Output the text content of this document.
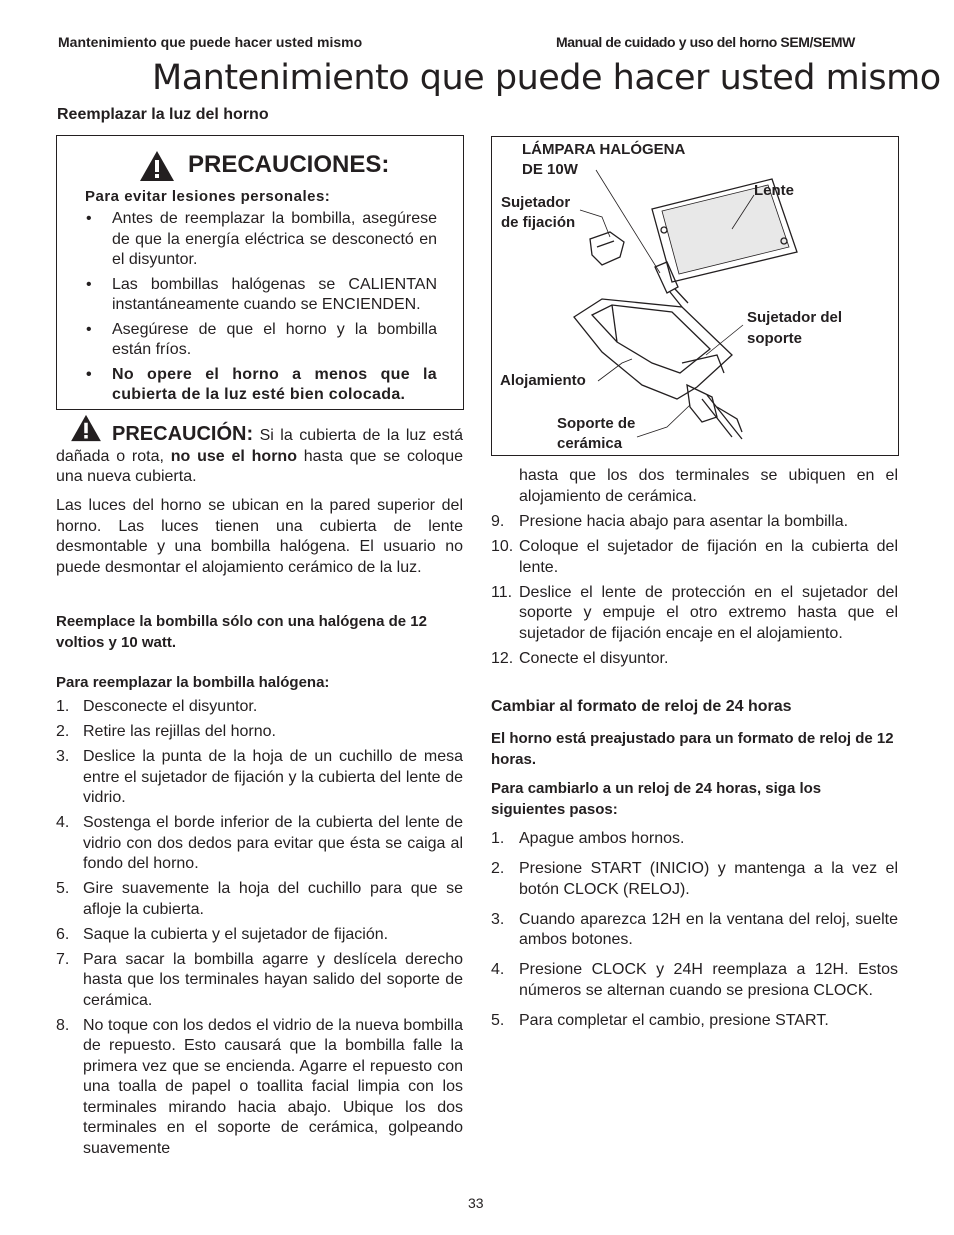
Mantenimiento que puede hacer usted mismo	Manual de cuidado y uso del horno SEM/SEMW
Mantenimiento que puede hacer usted mismo
Reemplazar la luz del horno
PRECAUCIONES:
Para evitar lesiones personales:
• Antes de reemplazar la bombilla, asegúrese de que la energía eléctrica se desconectó en el disyuntor.
• Las bombillas halógenas se CALIENTAN instantáneamente cuando se ENCIENDEN.
• Asegúrese de que el horno y la bombilla están fríos.
• No opere el horno a menos que la cubierta de la luz esté bien colocada.
PRECAUCIÓN: Si la cubierta de la luz está dañada o rota, no use el horno hasta que se coloque una nueva cubierta.
Las luces del horno se ubican en la pared superior del horno. Las luces tienen una cubierta de lente desmontable y una bombilla halógena. El usuario no puede desmontar el alojamiento cerámico de la luz.
Reemplace la bombilla sólo con una halógena de 12 voltios y 10 watt.
Para reemplazar la bombilla halógena:
1. Desconecte el disyuntor.
2. Retire las rejillas del horno.
3. Deslice la punta de la hoja de un cuchillo de mesa entre el sujetador de fijación y la cubierta del lente de vidrio.
4. Sostenga el borde inferior de la cubierta del lente de vidrio con dos dedos para evitar que ésta se caiga al fondo del horno.
5. Gire suavemente la hoja del cuchillo para que se afloje la cubierta.
6. Saque la cubierta y el sujetador de fijación.
7. Para sacar la bombilla agarre y deslícela derecho hasta que los terminales hayan salido del soporte de cerámica.
8. No toque con los dedos el vidrio de la nueva bombilla de repuesto. Esto causará que la bombilla falle la primera vez que se encienda. Agarre el repuesto con una toalla de papel o toallita facial limpia con los terminales mirando hacia abajo. Ubique los dos terminales en el soporte de cerámica, golpeando suavemente
LÁMPARA HALÓGENA
DE 10W
Lente
Sujetador
de fijación
Sujetador del
soporte
Alojamiento
Soporte de
cerámica
hasta que los dos terminales se ubiquen en el alojamiento de cerámica.
9. Presione hacia abajo para asentar la bombilla.
10. Coloque el sujetador de fijación en la cubierta del lente.
11. Deslice el lente de protección en el sujetador del soporte y empuje el otro extremo hasta que el sujetador de fijación encaje en el alojamiento.
12. Conecte el disyuntor.
Cambiar al formato de reloj de 24 horas
El horno está preajustado para un formato de reloj de 12 horas.
Para cambiarlo a un reloj de 24 horas, siga los siguientes pasos:
1. Apague ambos hornos.
2. Presione START (INICIO) y mantenga a la vez el botón CLOCK (RELOJ).
3. Cuando aparezca 12H en la ventana del reloj, suelte ambos botones.
4. Presione CLOCK y 24H reemplaza a 12H. Estos números se alternan cuando se presiona CLOCK.
5. Para completar el cambio, presione START.
33
